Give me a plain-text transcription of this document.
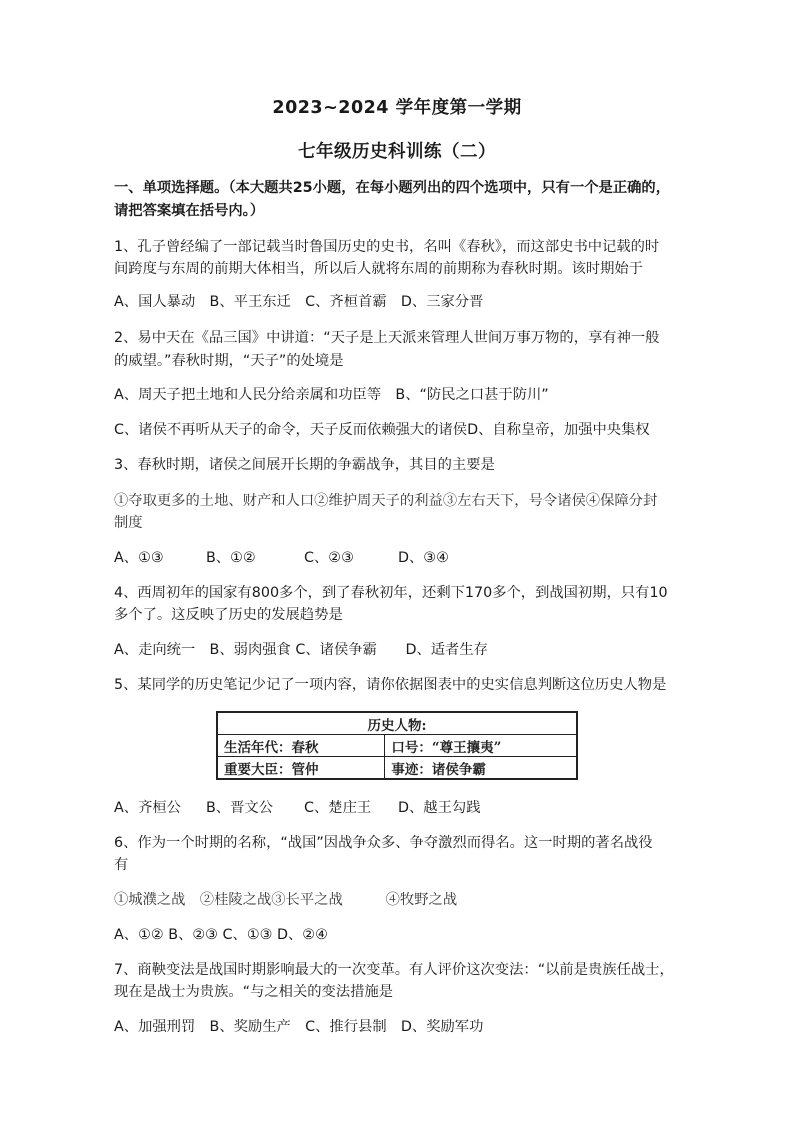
2023~2024 学年度第一学期
七年级历史科训练（二）
一、单项选择题。（本大题共25小题，在每小题列出的四个选项中，只有一个是正确的，
请把答案填在括号内。）
1、孔子曾经编了一部记载当时鲁国历史的史书，名叫《春秋》，而这部史书中记载的时
间跨度与东周的前期大体相当，所以后人就将东周的前期称为春秋时期。该时期始于
A、国人暴动　B、平王东迁　C、齐桓首霸　D、三家分晋
2、易中天在《品三国》中讲道：“天子是上天派来管理人世间万事万物的，享有神一般
的威望。”春秋时期，“天子”的处境是
A、周天子把土地和人民分给亲属和功臣等　B、“防民之口甚于防川”
C、诸侯不再听从天子的命令，天子反而依赖强大的诸侯D、自称皇帝，加强中央集权
3、春秋时期，诸侯之间展开长期的争霸战争，其目的主要是
①夺取更多的土地、财产和人口②维护周天子的利益③左右天下，号令诸侯④保障分封
制度
A、①③	B、①②	C、②③	D、③④
4、西周初年的国家有800多个，到了春秋初年，还剩下170多个，到战国初期，只有10
多个了。这反映了历史的发展趋势是
A、走向统一　B、弱肉强食 C、诸侯争霸　　D、适者生存
5、某同学的历史笔记少记了一项内容，请你依据图表中的史实信息判断这位历史人物是
历史人物:	
生活年代：春秋	口号：“尊王攘夷”
重要大臣：管仲	事迹：诸侯争霸
A、齐桓公 B、晋文公 C、楚庄王 D、越王勾践
6、作为一个时期的名称，“战国”因战争众多、争夺激烈而得名。这一时期的著名战役
有
①城濮之战　②桂陵之战③长平之战　　　④牧野之战
A、①② B、②③ C、①③ D、②④
7、商鞅变法是战国时期影响最大的一次变革。有人评价这次变法：“以前是贵族任战士，
现在是战士为贵族。“与之相关的变法措施是
A、加强刑罚　B、奖励生产　C、推行县制　D、奖励军功
